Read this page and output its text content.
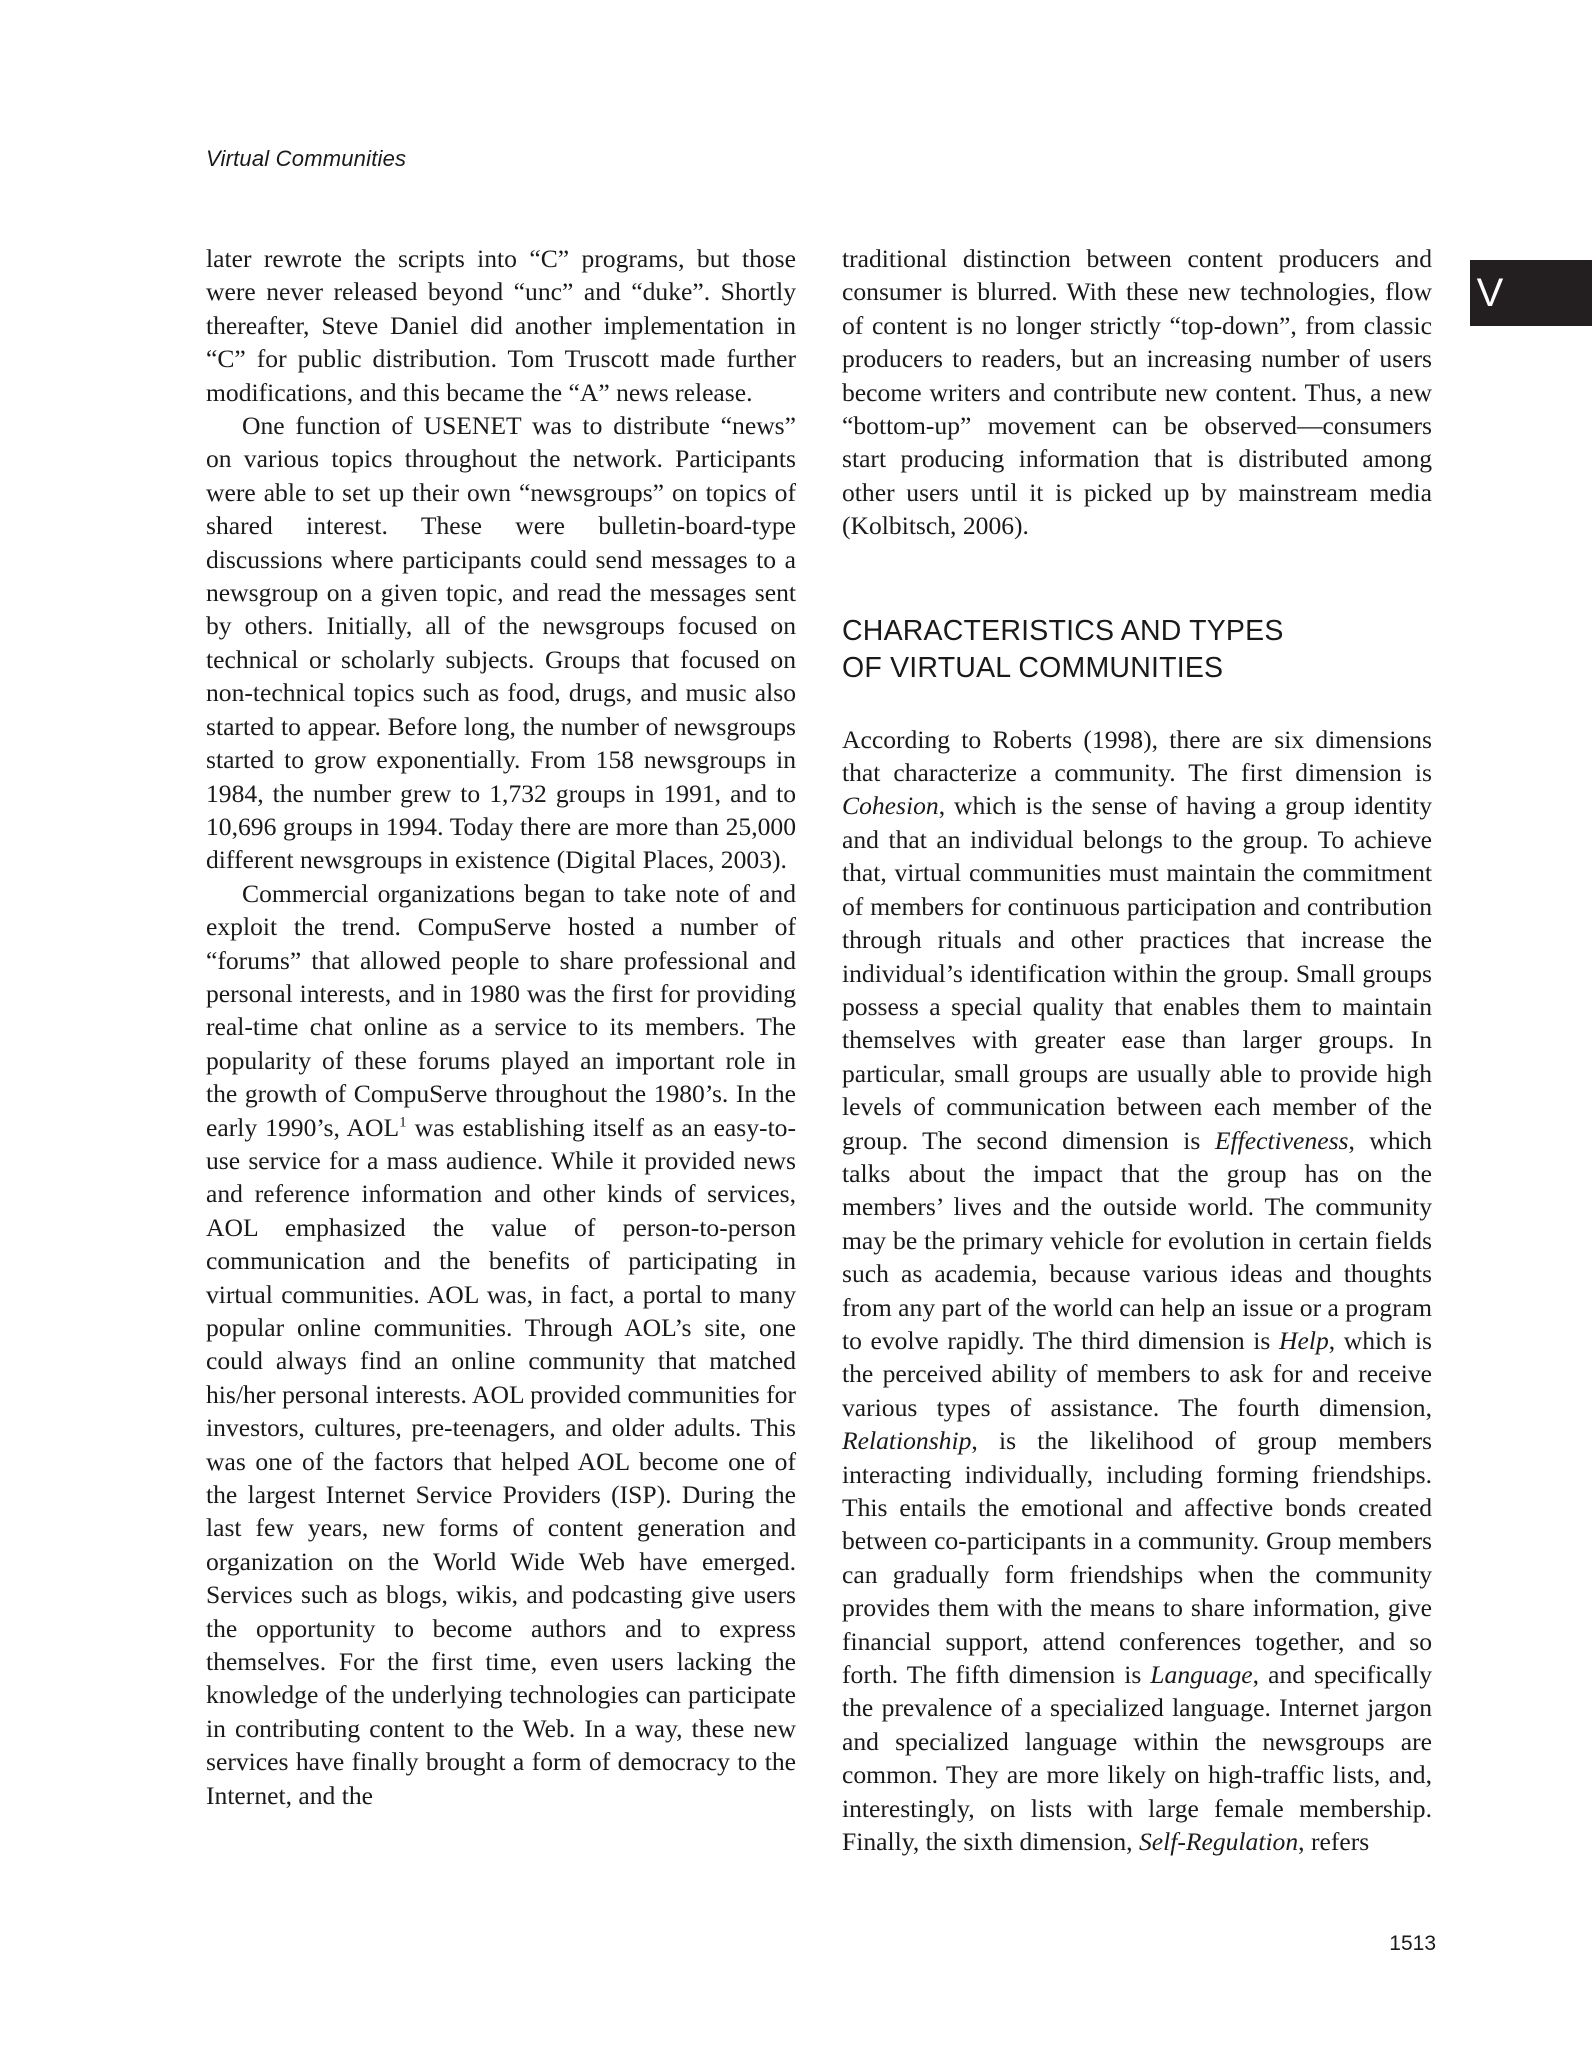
Virtual Communities
V

later rewrote the scripts into “C” programs, but those were never released beyond “unc” and “duke”. Shortly thereafter, Steve Daniel did another implementation in “C” for public distribution. Tom Truscott made further modifications, and this became the “A” news release.

One function of USENET was to distribute “news” on various topics throughout the network. Participants were able to set up their own “newsgroups” on topics of shared interest. These were bulletin-board-type discussions where participants could send messages to a newsgroup on a given topic, and read the messages sent by others. Initially, all of the newsgroups focused on technical or scholarly subjects. Groups that focused on non-technical topics such as food, drugs, and music also started to appear. Before long, the number of newsgroups started to grow exponentially. From 158 newsgroups in 1984, the number grew to 1,732 groups in 1991, and to 10,696 groups in 1994. Today there are more than 25,000 different newsgroups in existence (Digital Places, 2003).

Commercial organizations began to take note of and exploit the trend. CompuServe hosted a number of “forums” that allowed people to share professional and personal interests, and in 1980 was the first for providing real-time chat online as a service to its members. The popularity of these forums played an important role in the growth of CompuServe throughout the 1980’s. In the early 1990’s, AOL$^1$ was establishing itself as an easy-to-use service for a mass audience. While it provided news and reference information and other kinds of services, AOL emphasized the value of person-to-person communication and the benefits of participating in virtual communities. AOL was, in fact, a portal to many popular online communities. Through AOL’s site, one could always find an online community that matched his/her personal interests. AOL provided communities for investors, cultures, pre-teenagers, and older adults. This was one of the factors that helped AOL become one of the largest Internet Service Providers (ISP). During the last few years, new forms of content generation and organization on the World Wide Web have emerged. Services such as blogs, wikis, and podcasting give users the opportunity to become authors and to express themselves. For the first time, even users lacking the knowledge of the underlying technologies can participate in contributing content to the Web. In a way, these new services have finally brought a form of democracy to the Internet, and the

traditional distinction between content producers and consumer is blurred. With these new technologies, flow of content is no longer strictly “top-down”, from classic producers to readers, but an increasing number of users become writers and contribute new content. Thus, a new “bottom-up” movement can be observed—consumers start producing information that is distributed among other users until it is picked up by mainstream media (Kolbitsch, 2006).

CHARACTERISTICS AND TYPES
OF VIRTUAL COMMUNITIES

According to Roberts (1998), there are six dimensions that characterize a community. The first dimension is Cohesion, which is the sense of having a group identity and that an individual belongs to the group. To achieve that, virtual communities must maintain the commitment of members for continuous participation and contribution through rituals and other practices that increase the individual’s identification within the group. Small groups possess a special quality that enables them to maintain themselves with greater ease than larger groups. In particular, small groups are usually able to provide high levels of communication between each member of the group. The second dimension is Effectiveness, which talks about the impact that the group has on the members’ lives and the outside world. The community may be the primary vehicle for evolution in certain fields such as academia, because various ideas and thoughts from any part of the world can help an issue or a program to evolve rapidly. The third dimension is Help, which is the perceived ability of members to ask for and receive various types of assistance. The fourth dimension, Relationship, is the likelihood of group members interacting individually, including forming friendships. This entails the emotional and affective bonds created between co-participants in a community. Group members can gradually form friendships when the community provides them with the means to share information, give financial support, attend conferences together, and so forth. The fifth dimension is Language, and specifically the prevalence of a specialized language. Internet jargon and specialized language within the newsgroups are common. They are more likely on high-traffic lists, and, interestingly, on lists with large female membership. Finally, the sixth dimension, Self-Regulation, refers

1513
